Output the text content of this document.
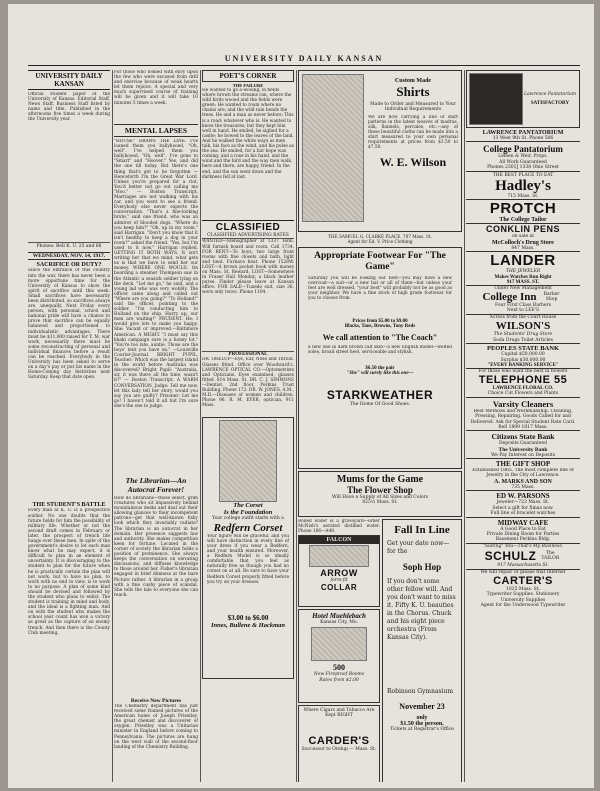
UNIVERSITY DAILY KANSAN
UNIVERSITY DAILY KANSAN
Official student paper of the University of Kansas. Editorial Staff, News Staff, Business Staff listed by name and title. Published in the afternoons five times a week during the University year.
Phones: Bell K. U. 25 and 66
WEDNESDAY, NOV. 14, 1917.
SACRIFICE OR DUTY?
Since the entrance of this country into the war, there has never been a more opportune time for the University of Kansas to show the spirit of sacrifice until this week. Small sacrifices have necessarily been distributed, so sacrifices always are, unequally. Next Friday every person, with personal, school and national pride will have a chance to prove that sacrifice can be equally balanced and proportioned to individualistic advantages. There must be $11,000 raised for Y. M. war work, necessarily there must be some reconstructing of personal and individual finances before a result can be reached. Everybody in the University has been asked to serve on a day's pay or put his name in the Home-Coming day festivities next Saturday. Keep that date open.
THE STUDENT'S BATTLE
Every man at K. U. is a prospective soldier. No one doubts that the future holds for him the possibility of military life. Whether or not the second draft comes in February or later, the prospect of trench life hangs over these men. In spite of the government's desire to let each man know what he may expect, it is difficult to plan in an element of uncertainty. It is discouraging to the student to plan for the future when he is practically certain the plan will not work; but to have no plan, to work with no end in view, is to work to no purpose. A plan of some kind should be devised and followed by the student who plans to enlist. The student is training in mind and body, and the ideal is a fighting man. And on with the student who makes the school year count has won a victory as great as the capture of an enemy trench. And then there is the County Club meeting.
For those who looked with envy upon the few who were excused from drill and exercise because of weak hearts let them rejoice. A special and very much supervised course of training will be given and it will take 10 minutes 5 times a week.
MENTAL LAPSES
"HOUSE" DRAWS THE LINE. I've loaned them you ballyhooed, "Oh, well". I've helped them you ballyhooed, "Oh, well". I've gone to "Smart" and "Hoover." Yes, and did the one till today. But there's one thing that's got to be forgotten — Henceforth I'm the Great War Lord. Unless you're prepared for a riot, You'd better not go out calling me "Hoo." — Boston Transcript. Marriages are not walking with his car, and you went to see a friend. Everybody else never expects the conversation. "That's a fine-looking brute," said one friend, who was an admirer of blooded dogs. "Where do you keep him?" "Oh, up in my room," said Harrigan. "Don't you know that it isn't healthy to keep a dog in your room?" asked the friend. "Yes, but I'm used to it now," Harrigan replied. GETTING IT BOTH WAYS. It isn't writing her that we mind, what gets us is that we have to send her our money. WHERE ONE WOULD. On boarding a steamer Thompson saw in the Atlantic a seasick soldier lying on the deck. "Let me go," he said, and a young lad who was very wobbly. The officer came along and called out "Where are you going?" "To Holland!" said the officer, pointing to the soldier. "I'm conducting him to Holland on the ship. Hurry up, our men are waiting!" PRUDENT. He: I would give lots to make you happy. She: Vacant or improved.—Baltimore American. A MIGHT. "I must say this khaki campaign sure is a honey lot." "You're too late, auntie. Those are the boys' tent you have on." —Louisville Courier-Journal. BRIGHT PUPIL. Teacher: Which was the largest island in the world before Australia was discovered? Bright Pupil: "Australia, sir, it was there all the time, wasn't it?" — Boston Transcript. A WARM CONVERSATION. Judge: Tell me now, let this lady tell her story, would you say you are guilty? Prisoner: Let me go! I haven't told it all but I'm sure she's the one to judge.
The Librarian—An Autocrat Forever!
How do librarians—those select, grim creatures who sit impassively behind mountainous desks and deal out their allowing glances to their incompetent patrons—get that well-known fishy look which they invariably radiate? The librarian is an autocrat in her domain. Her presence suggests law and authority. She makes competition keen for fortune. Located in the corner of society the librarian holds a position of prominence. She always keeps the conversation on elevating discussions, and diffuses knowledge to those around her. Fisher's librarian engaged in brief dimness at the bare Picture rather. A librarian in a group with a fine cushy piece of scandal. She tells the tale to everyone she can reach.
Receive New Pictures
The Chemistry department has just received some framed pictures of the American home of Joseph Priestley, the great chemist and discoverer of oxygen. Priestley was a Unitarian minister in England before coming to Pennsylvania. The pictures are hung on the west wall of the second-floor landing of the Chemistry Building.
POET'S CORNER
THE FAILURE
He wanted to go a-wooing, in fields where brown the streams ran, where the wild birds wooed and the fields were green; He wanted to roam where no chains are; and the wild rain bends the trees. He and a man as never before; This is a road; whatever who is. He wanted to know the treasures; but they kept him well in hand. He smiled, he sighed for a castle; he bowed to the leaves of the land. And he walked the white ways as men talk, his face as the wind, and his pulse as the sea. He smiled, for a fair hope was coming; and a rose in his hand, and the wind and the bird and the way men walk, here and there, are happy, friend. In the end, and the sun went down and the darkness fell at last.
CLASSIFIED
CLASSIFIED ADVERTISING RATES
WANTED—Stenographer at 1337 Tenn. Will furnish board and room. Call 1734. FOR RENT—To boys, two large front rooms with fine closets and bath, light and heat. Furnace heat. Phone 1528W. LOST—A brown pocket book with money on Mass. St. Reward. LOST—Somewhere in Fraser Hall Monday, a black leather purse. Finder please leave at Kansan office. FOR SALE—Tuxedo suit, size 36, worn only twice. Phone 1104.
PROFESSIONAL
DR. ORELUP—Eye, Ear, Nose and Throat. Glasses fitted. Office over Woodward's. LAWRENCE OPTICAL CO.—Optometrists and Opticians. Eyes examined, glasses fitted. 814 Mass. St. DR. C. J. SIMMONS—Dentist. 2nd floor, Perkins Trust Building. Phone 172. DR. W. JONES, A.M., M.D.—Diseases of women and children. Phone 96. R. M. EYER, optician, 911 Mass.
The Corset
Is the Foundation
Your college outfit starts with a
Redfern Corset
Your figure will be graceful, and you will have distinction in every line of your dress if you wear a Redfern, and your health ensured. Moreover, a Redfern Model is so ideally comfortable that you feel as naturally free as though you had no corset on at all. Be sure to have your Redfern Corset properly fitted before you try on your dresses.
$3.00 to $6.00
Innes, Bullene & Hackman
Custom Made
Shirts
Made to Order and Measured to Your Individual Requirements
We are now carrying a line of shirt patterns in the latest weaves of madras, silk, flannels, percales, etc.—any of these beautiful cloths can be made into a shirt measured to your own personal requirements at prices from $3.50 to $7.50.
W. E. Wilson
THE SAMUEL G. CLARKE PLACE, 707 Mass. St.
Agent for Ed. V. Price Clothing
Appropriate Footwear For "The Game"
Saturday you will be looking our best—you may have a new overcoat—a suit—or a new hat or all of them—but unless your feet are well dressed, "your best" will probably not be as good as your neighbor. We have a fine stock of high grade footwear for you to choose from.
Prices from $5.00 to $9.00
Blacks, Tans, Browns, Tony Reds
We call attention to "The Coach"
a new one in dark brown calf skin—a new English model—welted soles, broad street heel, serviceable and stylish.
$6.50 the pair
"She" will surely like this one—
STARKWEATHER
The Home Of Good Shoes.
Mums for the Game
The Flower Shop
Will Have a Supply of All Sizes and Colors
825½ Mass. St.
Boiled water is a graveyard—order McNish's aerated distilled water. Phone 186—A48.
FALCON
ARROW
form-fit
COLLAR
Hotel Muehlebach
Kansas City, Mo.
500
New Fireproof Rooms
Rates from $2.00
Where Cigars and Tobacco Are Kept RIGHT
CARDER'S
Successor to Orelup — Mass. St.
Fall In Line
Get your date now—for the
Soph Hop
If you don't some other fellow will. And you don't want to miss it. Fifty K. U. beauties in the Chorus. Chuck and his eight piece orchestra (From Kansas City).
Robinson Gymnasium
November 23
only
$1.50 the person.
Tickets at Registrar's Office
Lawrence Pantatorium
SATISFACTORY
LAWRENCE PANTATORIUM
13 West 9th St. Phone 506
College Pantatorium
Lemen & Weir, Props.
All Work Guaranteed
Phones 2301J 1338 Ohio Street
THE BEST PLACE TO EAT
Hadley's
715 Mass. St.
PROTCH
The College Tailor
CONKLIN PENS
on sale at
McColloch's Drug Store
847 Mass.
LANDER
THE JEWELER
Makes Watches Run Right
917 MASS. ST.
Under New Management
College Inn	Barber Shop
Four First Class Barbers
Next to LEE'S
Across from the Court House
WILSON'S
The Students' Drug Store
Soda Drugs Toilet Articles
PEOPLES STATE BANK
Capital $50,000.00
Surplus $30,000.00
"EVERY BANKING SERVICE"
For those who want the best in flowers
TELEPHONE 55
LAWRENCE FLORAL CO.
Choice Cut Flowers and Plants
Varsity Cleaners
Best Methods and Workmanship. Cleaning, Pressing, Repairing. Goods Called for and Delivered. Ask for Special Student Rate Card.
Bell 1899 1017 Mass.
Citizens State Bank
Deposits Guaranteed
The University Bank
We Pay Interest on Deposits
THE GIFT SHOP
Established 1865. The most complete line of Jewelry in the City of Lawrence.
A. MARKS AND SON
735 Mass.
ED W. PARSONS
Jeweler—723 Mass. St.
Select a gift for Xmas now.
Full line of bracelet watches
MIDWAY CAFE
A Good Place to Eat
Private Dining Room for Parties
Basement Perkins Bldg.
"Sulting" You—That's My Business.
SCHULZ	The TAILOR
917 Massachusetts St.
We will repair or please that Internet
CARTER'S
1025 Mass. St.
Typewriter Supplies. Stationery
University Supplies
Agent for the Underwood Typewriter
